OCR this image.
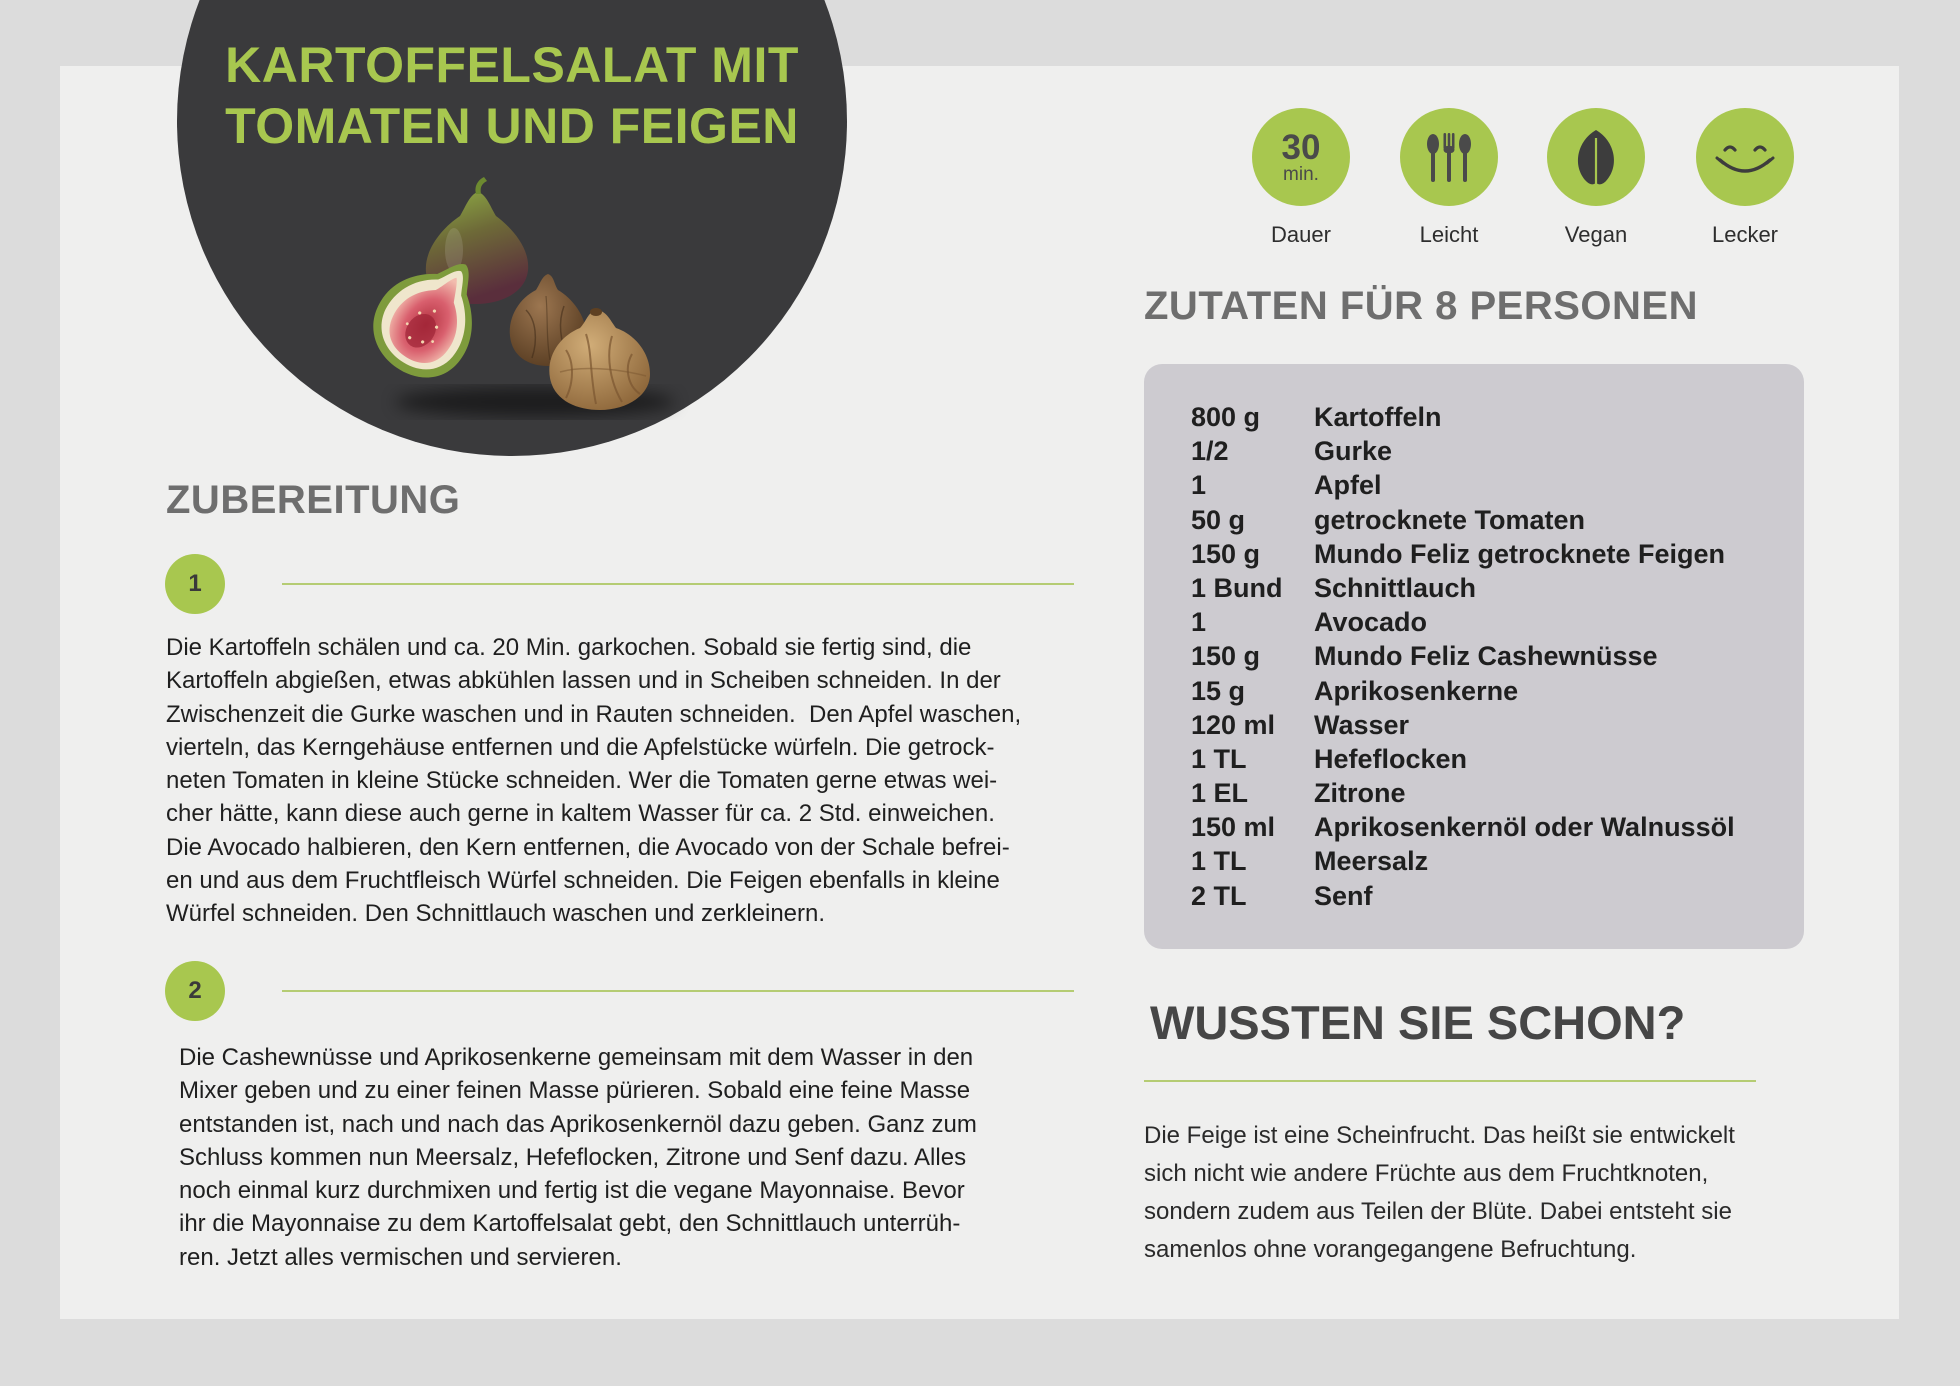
KARTOFFELSALAT MIT
TOMATEN UND FEIGEN	30
min.
Dauer	Leicht	Vegan	Lecker
ZUBEREITUNG
1
Die Kartoffeln schälen und ca. 20 Min. garkochen. Sobald sie fertig sind, die
Kartoffeln abgießen, etwas abkühlen lassen und in Scheiben schneiden. In der
Zwischenzeit die Gurke waschen und in Rauten schneiden.  Den Apfel waschen,
vierteln, das Kerngehäuse entfernen und die Apfelstücke würfeln. Die getrock-
neten Tomaten in kleine Stücke schneiden. Wer die Tomaten gerne etwas wei-
cher hätte, kann diese auch gerne in kaltem Wasser für ca. 2 Std. einweichen.
Die Avocado halbieren, den Kern entfernen, die Avocado von der Schale befrei-
en und aus dem Fruchtfleisch Würfel schneiden. Die Feigen ebenfalls in kleine
Würfel schneiden. Den Schnittlauch waschen und zerkleinern.
2
Die Cashewnüsse und Aprikosenkerne gemeinsam mit dem Wasser in den
Mixer geben und zu einer feinen Masse pürieren. Sobald eine feine Masse
entstanden ist, nach und nach das Aprikosenkernöl dazu geben. Ganz zum
Schluss kommen nun Meersalz, Hefeflocken, Zitrone und Senf dazu. Alles
noch einmal kurz durchmixen und fertig ist die vegane Mayonnaise. Bevor
ihr die Mayonnaise zu dem Kartoffelsalat gebt, den Schnittlauch unterrüh-
ren. Jetzt alles vermischen und servieren.
ZUTATEN FÜR 8 PERSONEN
800 g	Kartoffeln
1/2	Gurke
1	Apfel
50 g	getrocknete Tomaten
150 g	Mundo Feliz getrocknete Feigen
1 Bund	Schnittlauch
1	Avocado
150 g	Mundo Feliz Cashewnüsse
15 g	Aprikosenkerne
120 ml	Wasser
1 TL	Hefeflocken
1 EL	Zitrone
150 ml	Aprikosenkernöl oder Walnussöl
1 TL	Meersalz
2 TL	Senf
WUSSTEN SIE SCHON?
Die Feige ist eine Scheinfrucht. Das heißt sie entwickelt
sich nicht wie andere Früchte aus dem Fruchtknoten,
sondern zudem aus Teilen der Blüte. Dabei entsteht sie
samenlos ohne vorangegangene Befruchtung.
